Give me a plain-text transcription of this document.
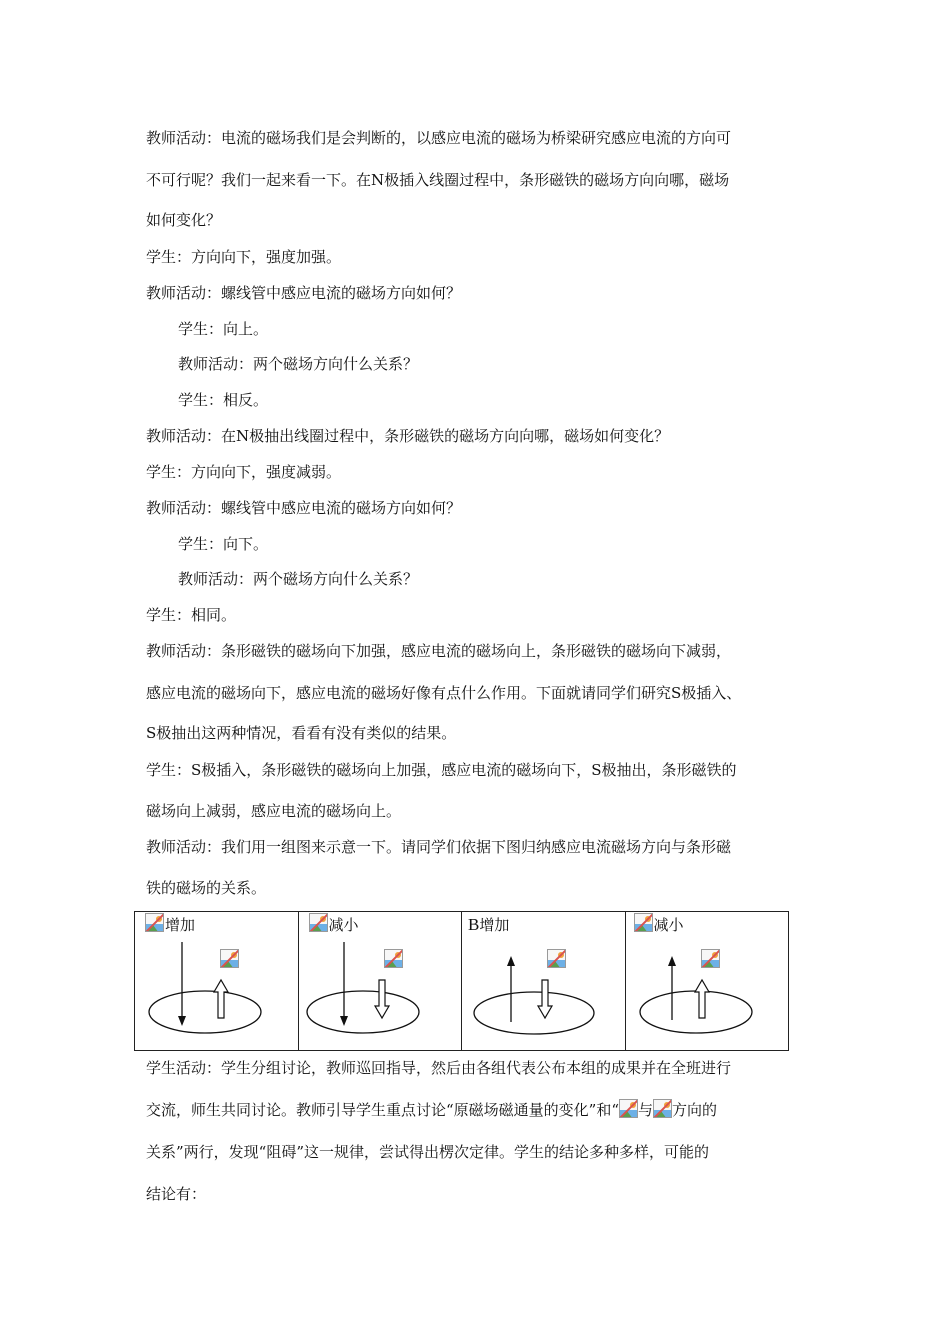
教师活动：电流的磁场我们是会判断的，以感应电流的磁场为桥梁研究感应电流的方向可
不可行呢？我们一起来看一下。在N极插入线圈过程中，条形磁铁的磁场方向向哪，磁场
如何变化？
学生：方向向下，强度加强。
教师活动：螺线管中感应电流的磁场方向如何？
学生：向上。
教师活动：两个磁场方向什么关系？
学生：相反。
教师活动：在N极抽出线圈过程中，条形磁铁的磁场方向向哪，磁场如何变化？
学生：方向向下，强度减弱。
教师活动：螺线管中感应电流的磁场方向如何？
学生：向下。
教师活动：两个磁场方向什么关系？
学生：相同。
教师活动：条形磁铁的磁场向下加强，感应电流的磁场向上，条形磁铁的磁场向下减弱，
感应电流的磁场向下，感应电流的磁场好像有点什么作用。下面就请同学们研究S极插入、
S极抽出这两种情况，看看有没有类似的结果。
学生：S极插入，条形磁铁的磁场向上加强，感应电流的磁场向下，S极抽出，条形磁铁的
磁场向上减弱，感应电流的磁场向上。
教师活动：我们用一组图来示意一下。请同学们依据下图归纳感应电流磁场方向与条形磁
铁的磁场的关系。
增加	减小	B增加	减小
学生活动：学生分组讨论，教师巡回指导，然后由各组代表公布本组的成果并在全班进行
交流，师生共同讨论。教师引导学生重点讨论“原磁场磁通量的变化”和“ 与 方向的
关系”两行，发现“阻碍”这一规律，尝试得出楞次定律。学生的结论多种多样，可能的
结论有：
